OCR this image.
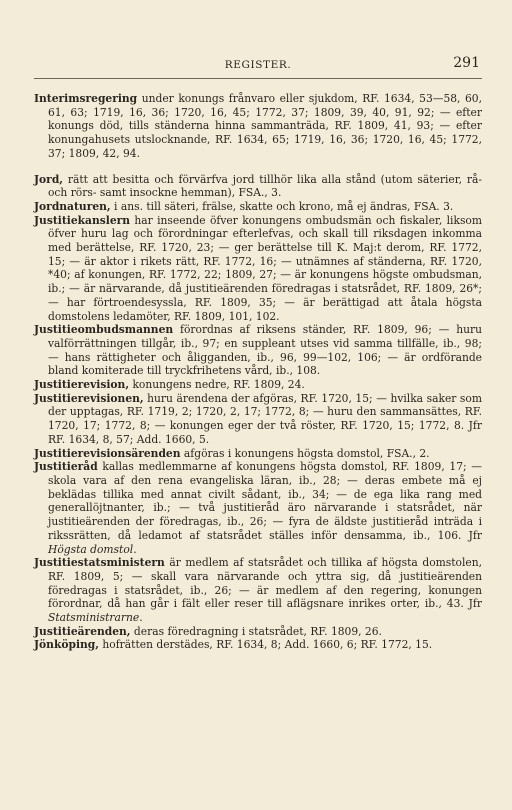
REGISTER.	291

Interimsregering under konungs frånvaro eller sjukdom, RF. 1634, 53—58, 60, 61, 63; 1719, 16, 36; 1720, 16, 45; 1772, 37; 1809, 39, 40, 91, 92; — efter konungs död, tills ständerna hinna sammanträda, RF. 1809, 41, 93; — efter konungahusets utslocknande, RF. 1634, 65; 1719, 16, 36; 1720, 16, 45; 1772, 37; 1809, 42, 94.

Jord, rätt att besitta och förvärfva jord tillhör lika alla stånd (utom säterier, rå- och rörs- samt insockne hemman), FSA., 3.

Jordnaturen, i ans. till säteri, frälse, skatte och krono, må ej ändras, FSA. 3.

Justitiekanslern har inseende öfver konungens ombudsmän och fiskaler, liksom öfver huru lag och förordningar efterlefvas, och skall till riksdagen inkomma med berättelse, RF. 1720, 23; — ger berättelse till K. Maj:t derom, RF. 1772, 15; — är aktor i rikets rätt, RF. 1772, 16; — utnämnes af ständerna, RF. 1720, *40; af konungen, RF. 1772, 22; 1809, 27; — är konungens högste ombudsman, ib.; — är närvarande, då justitieärenden föredragas i statsrådet, RF. 1809, 26*; — har förtroendesyssla, RF. 1809, 35; — är berättigad att åtala högsta domstolens ledamöter, RF. 1809, 101, 102.

Justitieombudsmannen förordnas af riksens ständer, RF. 1809, 96; — huru valförrättningen tillgår, ib., 97; en suppleant utses vid samma tillfälle, ib., 98; — hans rättigheter och åligganden, ib., 96, 99—102, 106; — är ordförande bland komiterade till tryckfrihetens vård, ib., 108.

Justitierevision, konungens nedre, RF. 1809, 24.

Justitierevisionen, huru ärendena der afgöras, RF. 1720, 15; — hvilka saker som der upptagas, RF. 1719, 2; 1720, 2, 17; 1772, 8; — huru den sammansättes, RF. 1720, 17; 1772, 8; — konungen eger der två röster, RF. 1720, 15; 1772, 8. Jfr RF. 1634, 8, 57; Add. 1660, 5.

Justitierevisionsärenden afgöras i konungens högsta domstol, FSA., 2.

Justitieråd kallas medlemmarne af konungens högsta domstol, RF. 1809, 17; — skola vara af den rena evangeliska läran, ib., 28; — deras embete må ej beklädas tillika med annat civilt sådant, ib., 34; — de ega lika rang med generallöjtnanter, ib.; — två justitieråd äro närvarande i statsrådet, när justitieärenden der föredragas, ib., 26; — fyra de äldste justitieråd inträda i rikssrätten, då ledamot af statsrådet ställes inför densamma, ib., 106. Jfr Högsta domstol.

Justitiestatsministern är medlem af statsrådet och tillika af högsta domstolen, RF. 1809, 5; — skall vara närvarande och yttra sig, då justitieärenden föredragas i statsrådet, ib., 26; — är medlem af den regering, konungen förordnar, då han går i fält eller reser till aflägsnare inrikes orter, ib., 43. Jfr Statsministrarne.

Justitieärenden, deras föredragning i statsrådet, RF. 1809, 26.

Jönköping, hofrätten derstädes, RF. 1634, 8; Add. 1660, 6; RF. 1772, 15.
